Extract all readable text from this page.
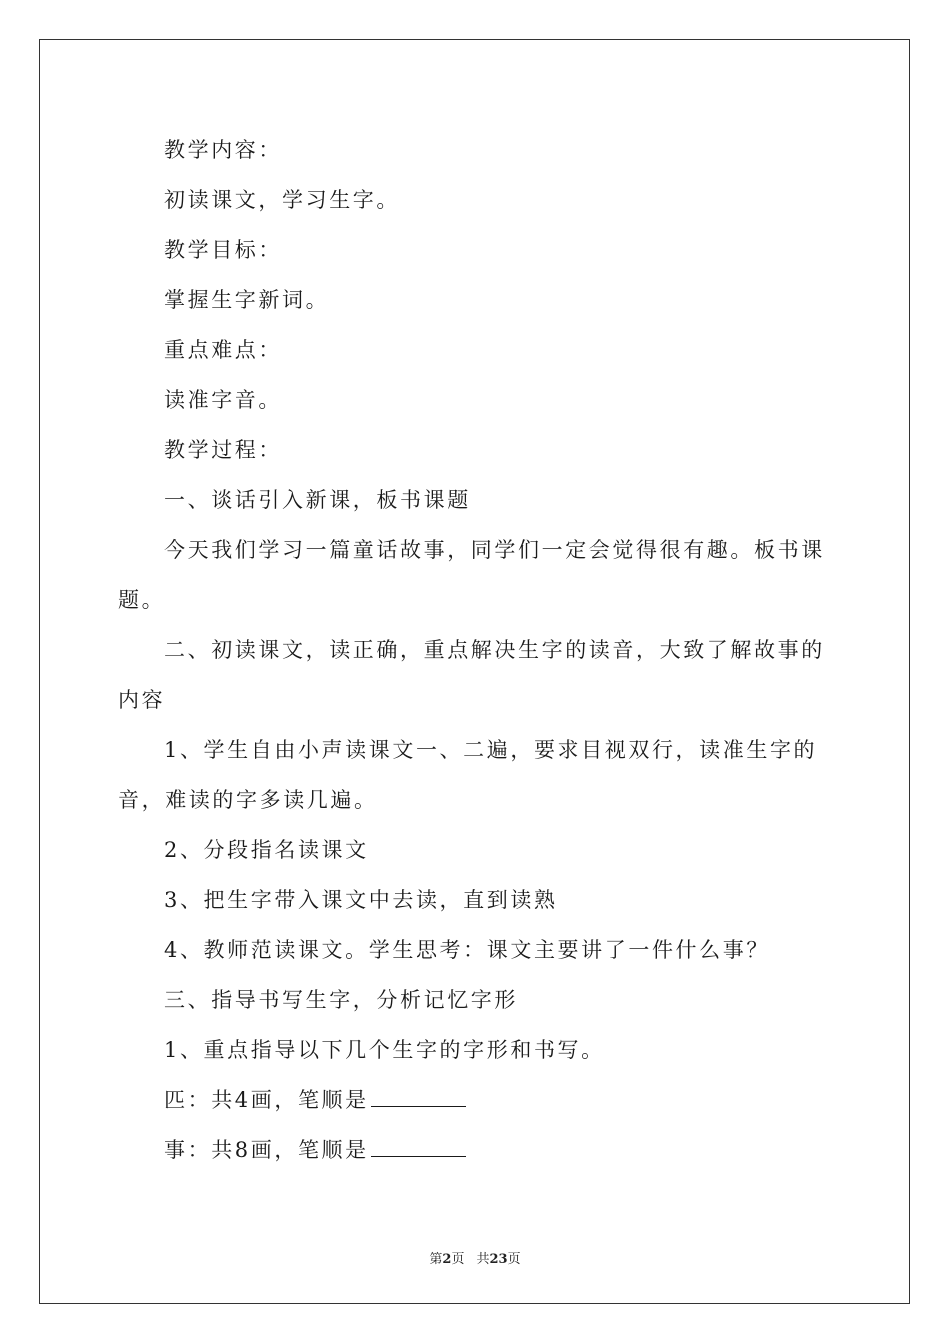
教学内容：

初读课文，学习生字。

教学目标：

掌握生字新词。

重点难点：

读准字音。

教学过程：

一、谈话引入新课，板书课题

今天我们学习一篇童话故事，同学们一定会觉得很有趣。板书课题。

二、初读课文，读正确，重点解决生字的读音，大致了解故事的内容

1、学生自由小声读课文一、二遍，要求目视双行，读准生字的音，难读的字多读几遍。

2、分段指名读课文

3、把生字带入课文中去读，直到读熟

4、教师范读课文。学生思考：课文主要讲了一件什么事？

三、指导书写生字，分析记忆字形

1、重点指导以下几个生字的字形和书写。

匹：共4画，笔顺是

事：共8画，笔顺是

第2页 共23页
